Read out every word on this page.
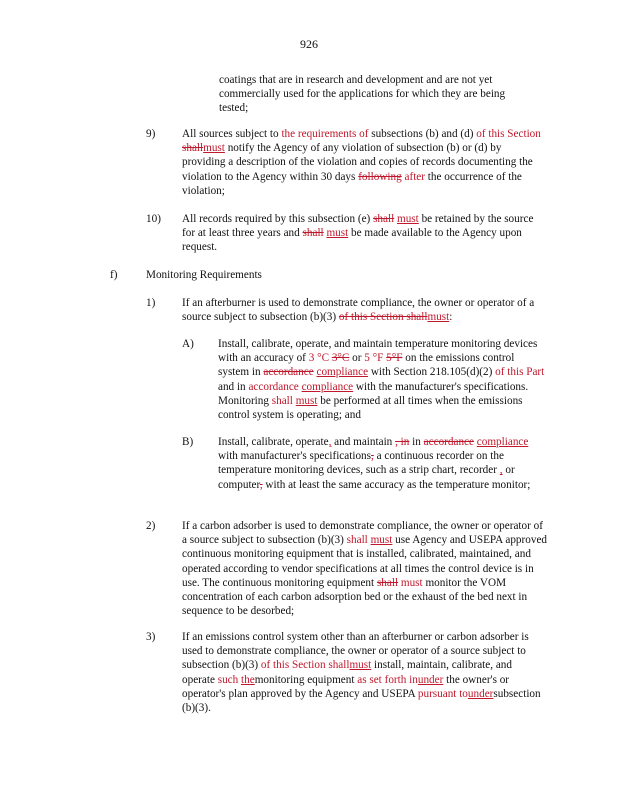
926
coatings that are in research and development and are not yet
commercially used for the applications for which they are being
tested;
9) All sources subject to the requirements of subsections (b) and (d) of this Section shallmust notify the Agency of any violation of subsection (b) or (d) by providing a description of the violation and copies of records documenting the violation to the Agency within 30 days following after the occurrence of the violation;
10) All records required by this subsection (e) shall must be retained by the source for at least three years and shall must be made available to the Agency upon request.
f)	Monitoring Requirements
1) If an afterburner is used to demonstrate compliance, the owner or operator of a source subject to subsection (b)(3) of this Section shallmust:
A) Install, calibrate, operate, and maintain temperature monitoring devices with an accuracy of 3 °C 3°C or 5 °F 5°F on the emissions control system in accordance compliance with Section 218.105(d)(2) of this Part and in accordance compliance with the manufacturer's specifications. Monitoring shall must be performed at all times when the emissions control system is operating; and
B) Install, calibrate, operate, and maintain , in in accordance compliance with manufacturer's specifications, a continuous recorder on the temperature monitoring devices, such as a strip chart, recorder , or computer, with at least the same accuracy as the temperature monitor;
2) If a carbon adsorber is used to demonstrate compliance, the owner or operator of a source subject to subsection (b)(3) shall must use Agency and USEPA approved continuous monitoring equipment that is installed, calibrated, maintained, and operated according to vendor specifications at all times the control device is in use. The continuous monitoring equipment shall must monitor the VOM concentration of each carbon adsorption bed or the exhaust of the bed next in sequence to be desorbed;
3) If an emissions control system other than an afterburner or carbon adsorber is used to demonstrate compliance, the owner or operator of a source subject to subsection (b)(3) of this Section shallmust install, maintain, calibrate, and operate such themonitoring equipment as set forth inunder the owner's or operator's plan approved by the Agency and USEPA pursuant toundersubsection (b)(3).
